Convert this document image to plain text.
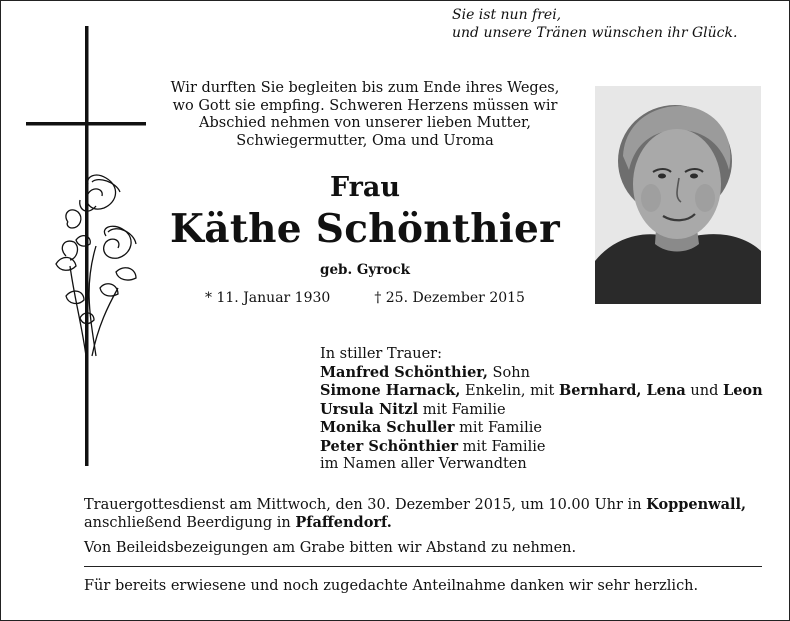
Sie ist nun frei,
und unsere Tränen wünschen ihr Glück.
Wir durften Sie begleiten bis zum Ende ihres Weges,
wo Gott sie empfing. Schweren Herzens müssen wir
Abschied nehmen von unserer lieben Mutter,
Schwiegermutter, Oma und Uroma
Frau
Käthe Schönthier
geb. Gyrock
* 11. Januar 1930	† 25. Dezember 2015
In stiller Trauer:
Manfred Schönthier, Sohn
Simone Harnack, Enkelin, mit Bernhard, Lena und Leon
Ursula Nitzl mit Familie
Monika Schuller mit Familie
Peter Schönthier mit Familie
im Namen aller Verwandten
Trauergottesdienst am Mittwoch, den 30. Dezember 2015, um 10.00 Uhr in Koppenwall,
anschließend Beerdigung in Pfaffendorf.
Von Beileidsbezeigungen am Grabe bitten wir Abstand zu nehmen.
Für bereits erwiesene und noch zugedachte Anteilnahme danken wir sehr herzlich.
